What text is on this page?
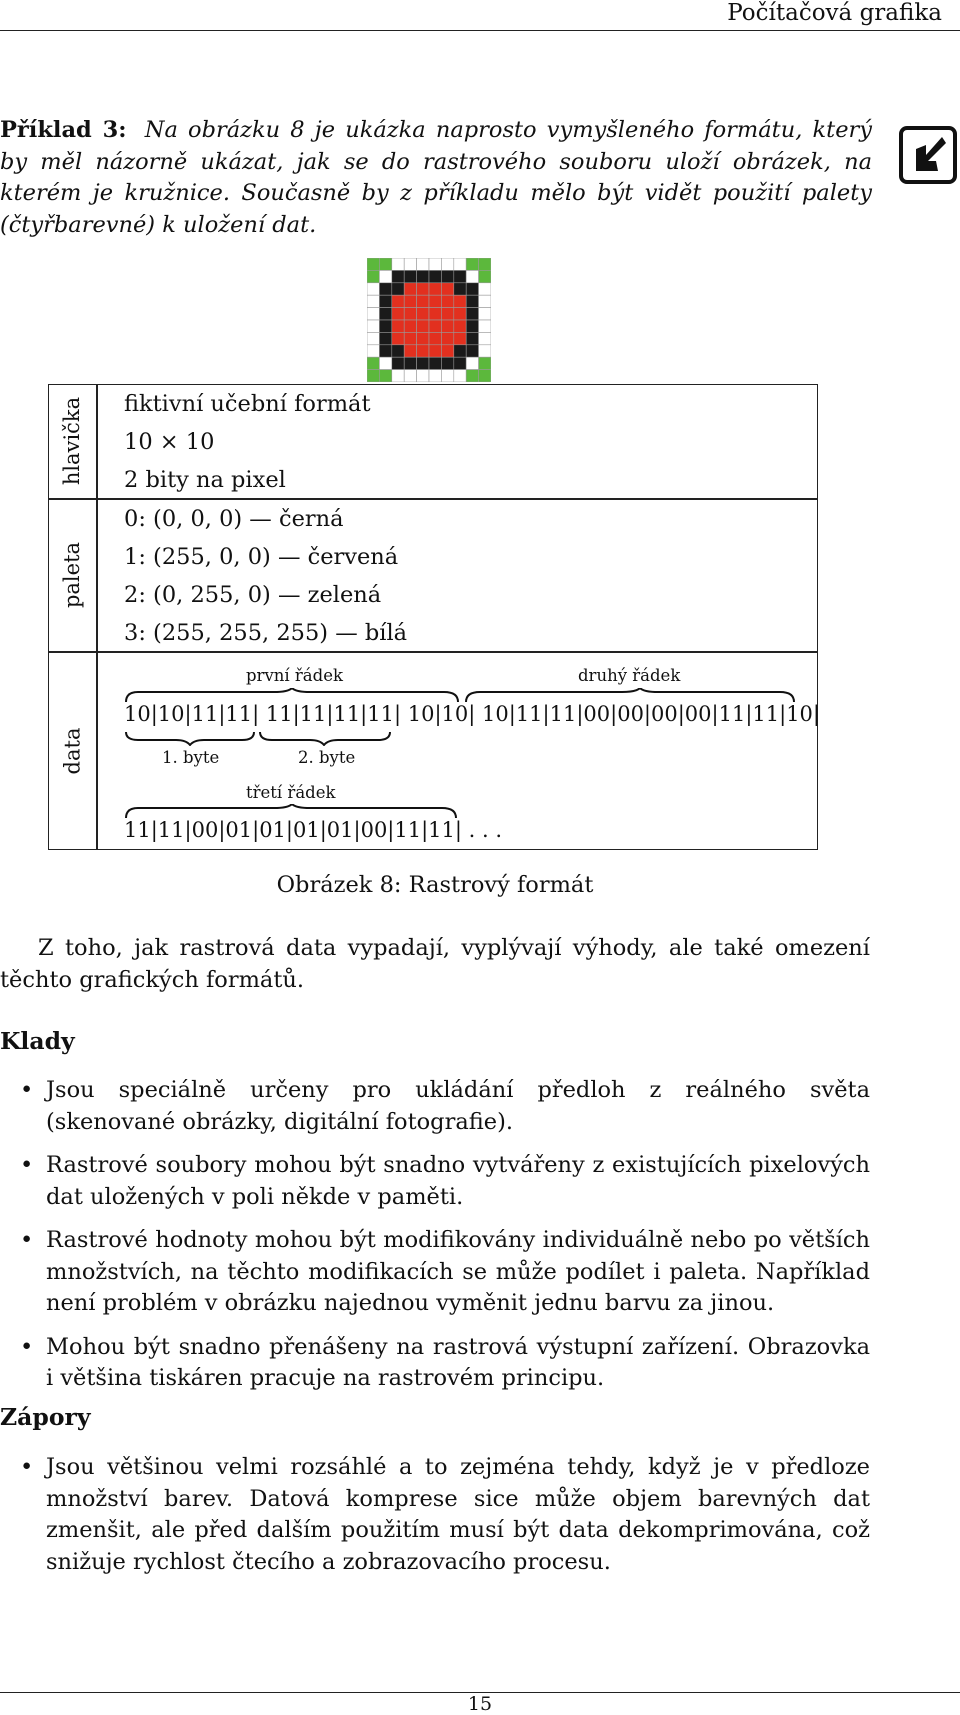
Počítačová grafika
Příklad 3: Na obrázku 8 je ukázka naprosto vymyšleného formátu, který by měl názorně ukázat, jak se do rastrového souboru uloží obrázek, na kterém je kružnice. Současně by z příkladu mělo být vidět použití palety (čtyřbarevné) k uložení dat.
hlavička
paleta
data
fiktivní učební formát
10 × 10
2 bity na pixel
0: (0, 0, 0) — černá
1: (255, 0, 0) — červená
2: (0, 255, 0) — zelená
3: (255, 255, 255) — bílá
první řádek	druhý řádek
10|10|11|11| 11|11|11|11| 10|10| 10|11|11|00|00|00|00|11|11|10|
1. byte	2. byte
třetí řádek
11|11|00|01|01|01|01|00|11|11| . . .
Obrázek 8: Rastrový formát
Z toho, jak rastrová data vypadají, vyplývají výhody, ale také omezení těchto grafických formátů.
Klady
• Jsou speciálně určeny pro ukládání předloh z reálného světa (skenované obrázky, digitální fotografie).
• Rastrové soubory mohou být snadno vytvářeny z existujících pixelových dat uložených v poli někde v paměti.
• Rastrové hodnoty mohou být modifikovány individuálně nebo po větších množstvích, na těchto modifikacích se může podílet i paleta. Například není problém v obrázku najednou vyměnit jednu barvu za jinou.
• Mohou být snadno přenášeny na rastrová výstupní zařízení. Obrazovka i většina tiskáren pracuje na rastrovém principu.
Zápory
• Jsou většinou velmi rozsáhlé a to zejména tehdy, když je v předloze množství barev. Datová komprese sice může objem barevných dat zmenšit, ale před dalším použitím musí být data dekomprimována, což snižuje rychlost čtecího a zobrazovacího procesu.
15
